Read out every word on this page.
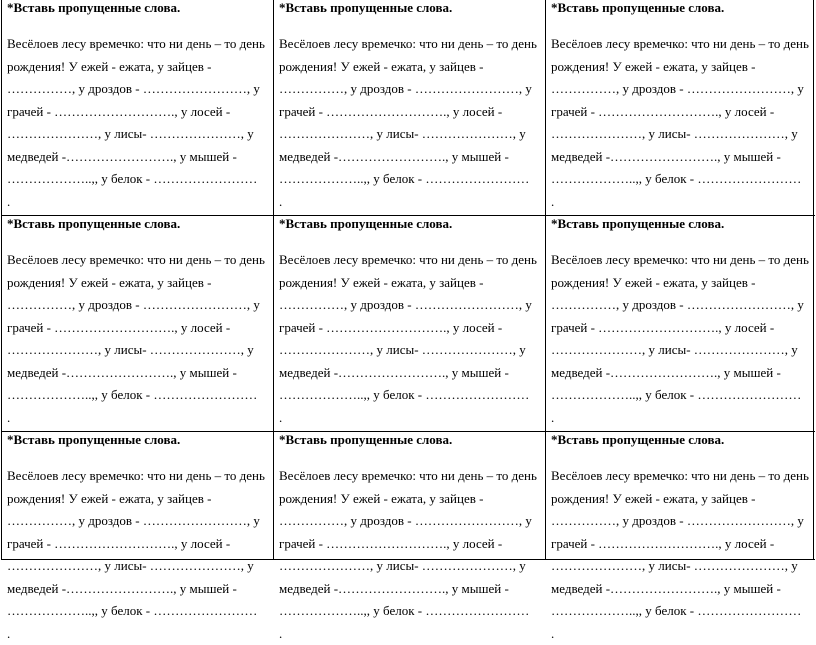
*Вставь пропущенные слова.
Весёлоев лесу времечко: что ни день – то день
рождения! У ежей - ежата, у зайцев -
……………, у дроздов - ……………………, у
грачей - ………………………., у лосей -
…………………, у лисы- …………………, у
медведей -……………………., у мышей -
………………..,, у белок - ……………………
.
*Вставь пропущенные слова.
Весёлоев лесу времечко: что ни день – то день
рождения! У ежей - ежата, у зайцев -
……………, у дроздов - ……………………, у
грачей - ………………………., у лосей -
…………………, у лисы- …………………, у
медведей -……………………., у мышей -
………………..,, у белок - ……………………
.
*Вставь пропущенные слова.
Весёлоев лесу времечко: что ни день – то день
рождения! У ежей - ежата, у зайцев -
……………, у дроздов - ……………………, у
грачей - ………………………., у лосей -
…………………, у лисы- …………………, у
медведей -……………………., у мышей -
………………..,, у белок - ……………………
.
*Вставь пропущенные слова.
Весёлоев лесу времечко: что ни день – то день
рождения! У ежей - ежата, у зайцев -
……………, у дроздов - ……………………, у
грачей - ………………………., у лосей -
…………………, у лисы- …………………, у
медведей -……………………., у мышей -
………………..,, у белок - ……………………
.
*Вставь пропущенные слова.
Весёлоев лесу времечко: что ни день – то день
рождения! У ежей - ежата, у зайцев -
……………, у дроздов - ……………………, у
грачей - ………………………., у лосей -
…………………, у лисы- …………………, у
медведей -……………………., у мышей -
………………..,, у белок - ……………………
.
*Вставь пропущенные слова.
Весёлоев лесу времечко: что ни день – то день
рождения! У ежей - ежата, у зайцев -
……………, у дроздов - ……………………, у
грачей - ………………………., у лосей -
…………………, у лисы- …………………, у
медведей -……………………., у мышей -
………………..,, у белок - ……………………
.
*Вставь пропущенные слова.
Весёлоев лесу времечко: что ни день – то день
рождения! У ежей - ежата, у зайцев -
……………, у дроздов - ……………………, у
грачей - ………………………., у лосей -
…………………, у лисы- …………………, у
медведей -……………………., у мышей -
………………..,, у белок - ……………………
.
*Вставь пропущенные слова.
Весёлоев лесу времечко: что ни день – то день
рождения! У ежей - ежата, у зайцев -
……………, у дроздов - ……………………, у
грачей - ………………………., у лосей -
…………………, у лисы- …………………, у
медведей -……………………., у мышей -
………………..,, у белок - ……………………
.
*Вставь пропущенные слова.
Весёлоев лесу времечко: что ни день – то день
рождения! У ежей - ежата, у зайцев -
……………, у дроздов - ……………………, у
грачей - ………………………., у лосей -
…………………, у лисы- …………………, у
медведей -……………………., у мышей -
………………..,, у белок - ……………………
.
